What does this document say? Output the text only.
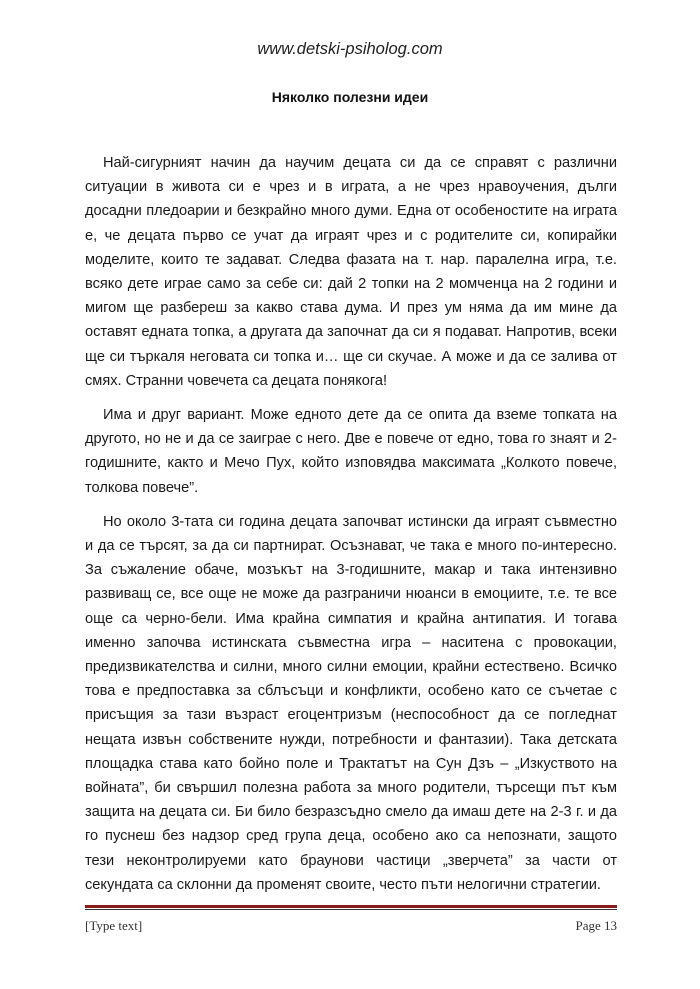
www.detski-psiholog.com
Няколко полезни идеи

Най-сигурният начин да научим децата си да се справят с различни ситуации в живота си е чрез и в играта, а не чрез нравоучения, дълги досадни пледоарии и безкрайно много думи. Една от особеностите на играта е, че децата първо се учат да играят чрез и с родителите си, копирайки моделите, които те задават. Следва фазата на т. нар. паралелна игра, т.е. всяко дете играе само за себе си: дай 2 топки на 2 момченца на 2 години и мигом ще разбереш за какво става дума. И през ум няма да им мине да оставят едната топка, а другата да започнат да си я подават. Напротив, всеки ще си търкаля неговата си топка и… ще си скучае. А може и да се залива от смях. Странни човечета са децата понякога!

Има и друг вариант. Може едното дете да се опита да вземе топката на другото, но не и да се заиграе с него. Две е повече от едно, това го знаят и 2-годишните, както и Мечо Пух, който изповядва максимата „Колкото повече, толкова повече”.

Но около 3-тата си година децата започват истински да играят съвместно и да се търсят, за да си партнират. Осъзнават, че така е много по-интересно. За съжаление обаче, мозъкът на 3-годишните, макар и така интензивно развиващ се, все още не може да разграничи нюанси в емоциите, т.е. те все още са черно-бели. Има крайна симпатия и крайна антипатия. И тогава именно започва истинската съвместна игра – наситена с провокации, предизвикателства и силни, много силни емоции, крайни естествено. Всичко това е предпоставка за сблъсъци и конфликти, особено като се съчетае с присъщия за тази възраст егоцентризъм (неспособност да се погледнат нещата извън собствените нужди, потребности и фантазии). Така детската площадка става като бойно поле и Трактатът на Сун Дзъ – „Изкуството на войната”, би свършил полезна работа за много родители, търсещи път към защита на децата си. Би било безразсъдно смело да имаш дете на 2-3 г. и да го пуснеш без надзор сред група деца, особено ако са непознати, защото тези неконтролируеми като браунови частици „зверчета” за части от секундата са склонни да променят своите, често пъти нелогични стратегии.

[Type text]	Page 13
